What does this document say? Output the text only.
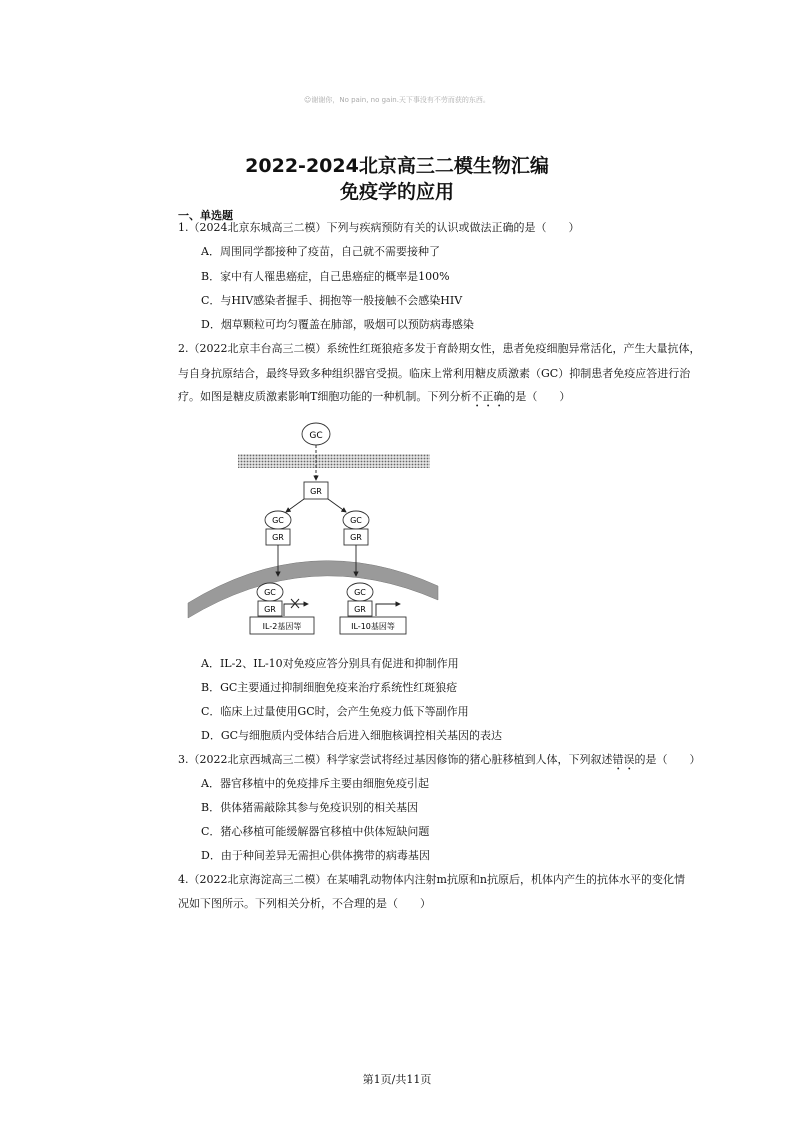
☺谢谢你，No pain, no gain.天下事没有不劳而获的东西。
2022-2024北京高三二模生物汇编
免疫学的应用
一、单选题
1.（2024北京东城高三二模）下列与疾病预防有关的认识或做法正确的是（　　）
A．周围同学都接种了疫苗，自己就不需要接种了
B．家中有人罹患癌症，自己患癌症的概率是100%
C．与HIV感染者握手、拥抱等一般接触不会感染HIV
D．烟草颗粒可均匀覆盖在肺部，吸烟可以预防病毒感染
2.（2022北京丰台高三二模）系统性红斑狼疮多发于育龄期女性，患者免疫细胞异常活化，产生大量抗体，
与自身抗原结合，最终导致多种组织器官受损。临床上常利用糖皮质激素（GC）抑制患者免疫应答进行治
疗。如图是糖皮质激素影响T细胞功能的一种机制。下列分析不正确的是（　　）
GC
GR
GC
GR
GC
GR
GC
GR
IL-2基因等
GC
GR
IL-10基因等
A．IL-2、IL-10对免疫应答分别具有促进和抑制作用
B．GC主要通过抑制细胞免疫来治疗系统性红斑狼疮
C．临床上过量使用GC时，会产生免疫力低下等副作用
D．GC与细胞质内受体结合后进入细胞核调控相关基因的表达
3.（2022北京西城高三二模）科学家尝试将经过基因修饰的猪心脏移植到人体，下列叙述错误的是（　　）
A．器官移植中的免疫排斥主要由细胞免疫引起
B．供体猪需敲除其参与免疫识别的相关基因
C．猪心移植可能缓解器官移植中供体短缺问题
D．由于种间差异无需担心供体携带的病毒基因
4.（2022北京海淀高三二模）在某哺乳动物体内注射m抗原和n抗原后，机体内产生的抗体水平的变化情
况如下图所示。下列相关分析，不合理的是（　　）
第1页/共11页
